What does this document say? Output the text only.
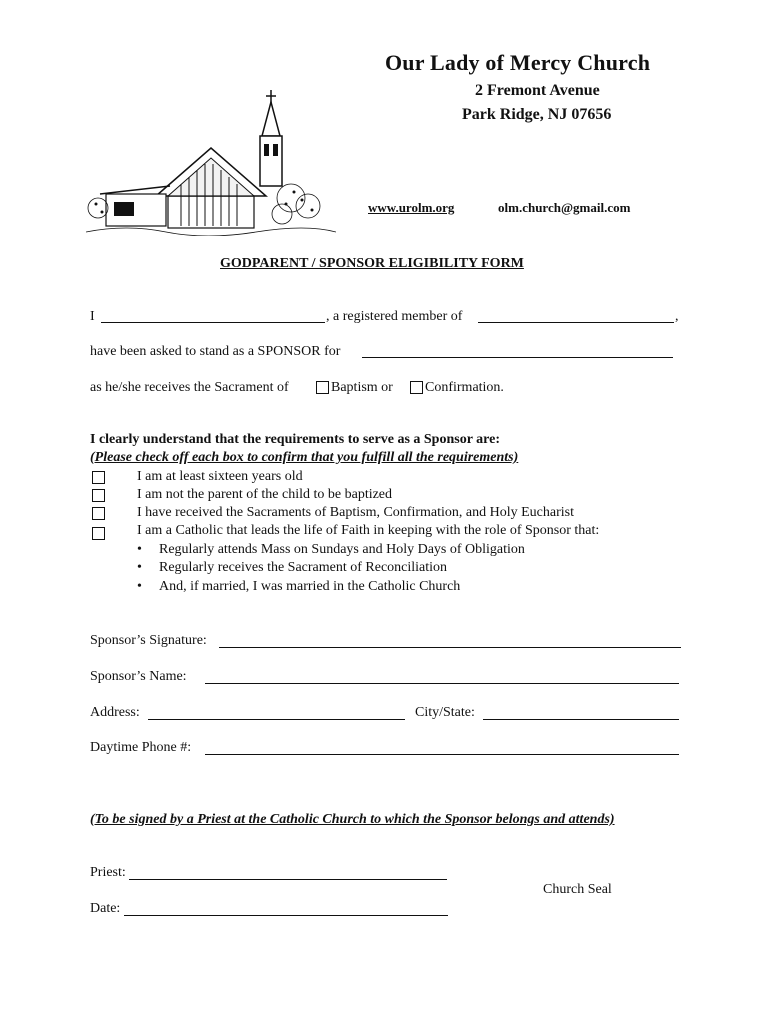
Our Lady of Mercy Church
2 Fremont Avenue
Park Ridge, NJ 07656
www.urolm.org	olm.church@gmail.com
GODPARENT / SPONSOR ELIGIBILITY FORM
I	, a registered member of	,
have been asked to stand as a SPONSOR for
as he/she receives the Sacrament of	Baptism or Confirmation.
I clearly understand that the requirements to serve as a Sponsor are:
(Please check off each box to confirm that you fulfill all the requirements)
I am at least sixteen years old
I am not the parent of the child to be baptized
I have received the Sacraments of Baptism, Confirmation, and Holy Eucharist
I am a Catholic that leads the life of Faith in keeping with the role of Sponsor that:
• Regularly attends Mass on Sundays and Holy Days of Obligation
• Regularly receives the Sacrament of Reconciliation
• And, if married, I was married in the Catholic Church
Sponsor’s Signature:
Sponsor’s Name:
Address:	City/State:
Daytime Phone #:
(To be signed by a Priest at the Catholic Church to which the Sponsor belongs and attends)
Priest:
Church Seal
Date:
